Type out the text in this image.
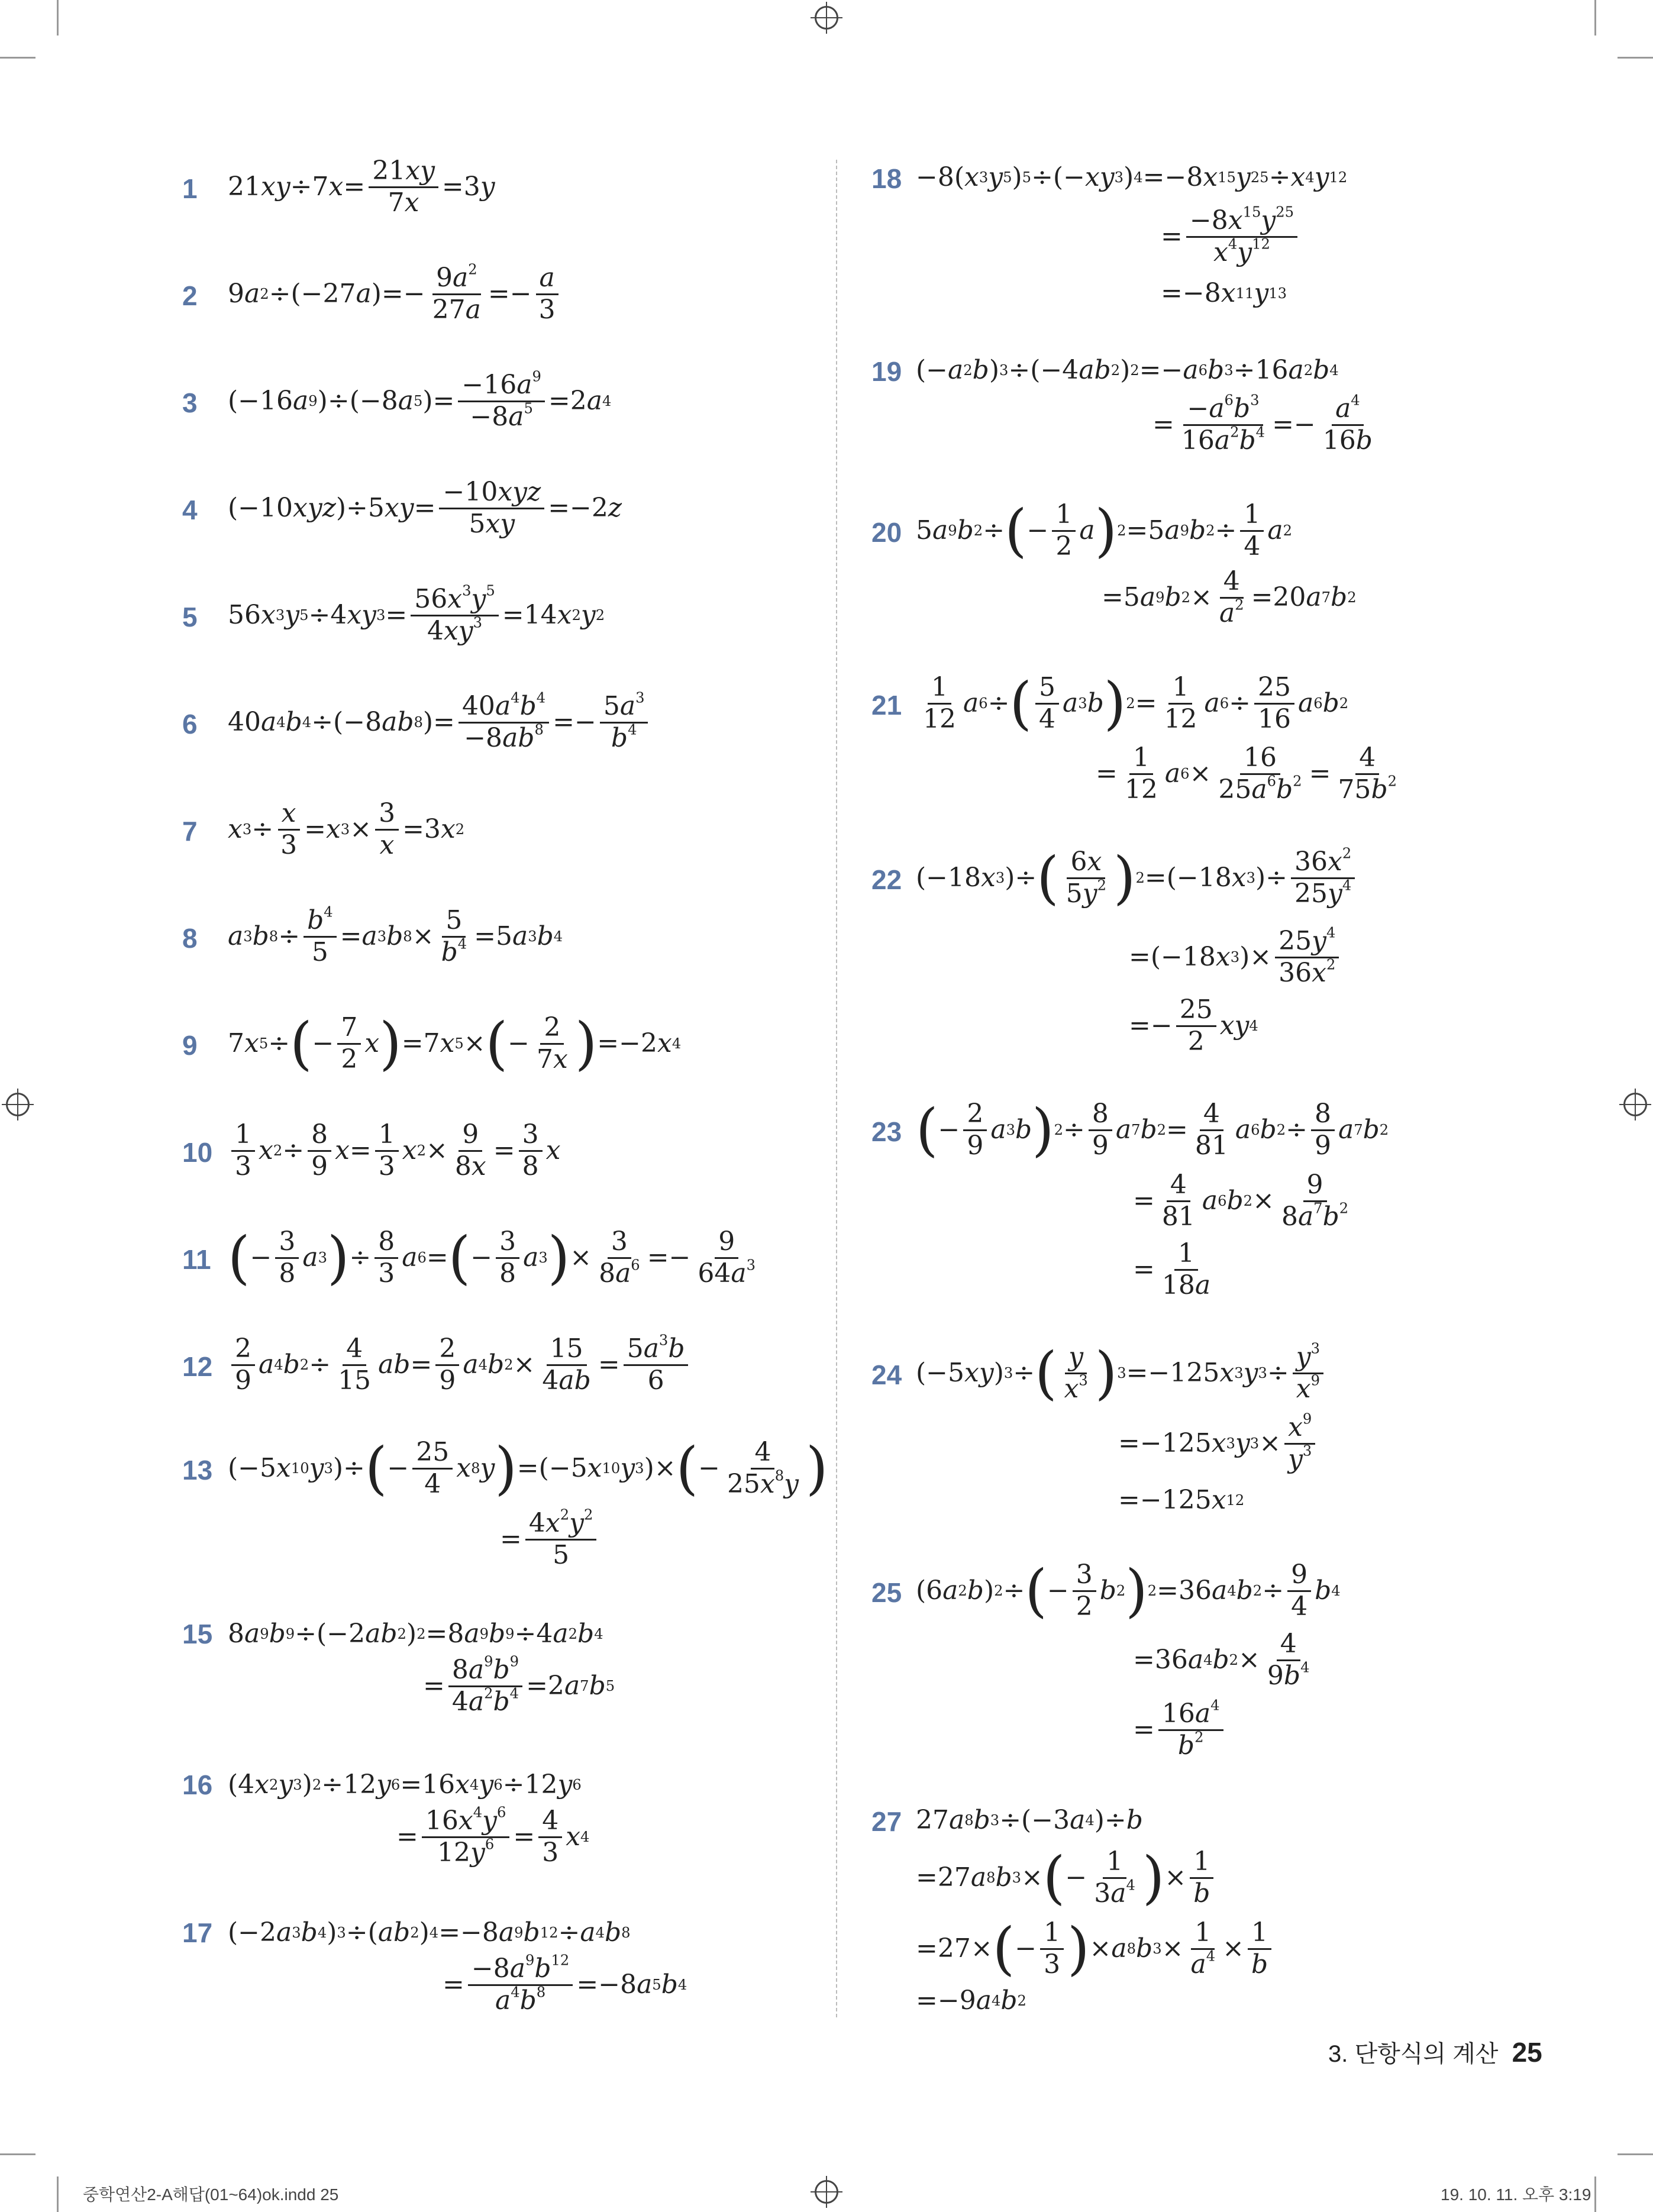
1 21 xy ÷7 $x = \frac{21xy}{7x} =3$ y
2 9 a 2 ÷(−27 a )=− $\frac{9a^2}{27a} =- \frac{a}{3}$
3 (−16 a 9 )÷(−8 a 5 )= $\frac{-16a^9}{-8a^5} =2$ a 4
4 (−10 xyz )÷5 xy = $\frac{\text{−10xyz}}{5xy} =-2$ z
5 56 x 3 y 5 ÷4 xy $3 = \frac{56x^3y^5}{4xy^3} =14$ x 2 y 2
6 40 a 4 b 4 ÷(−8 ab 8 )= $\frac{40a^4b^4}{-8ab^8} =- \frac{5a^3}{b^4}$
7 x $3 \div \frac{x}{3} = x$ $3 \times \frac{3}{x} =3$ x 2
8 a 3 b $8 \div \frac{b^4}{5} = a$ 3 b $8 \times \frac{5}{b^4} =5$ a 3 b 4
9 7 x 5 ÷ ( − $\frac{7}{2}$ x ) =7 x 5 × ( − $\frac{2}{7x}$ ) =−2 x 4
$10 \frac{1}{3}$ x $2 \div \frac{8}{9}$ $x = \frac{1}{3}$ x $2 \times \frac{9}{8x} = \frac{3}{8}$ x
11 ( − $\frac{3}{8}$ a 3 ) ÷ $\frac{8}{3}$ a 6 = ( − $\frac{3}{8}$ a 3 ) × $\frac{3}{8a^6} =- \frac{9}{64a^3}$
$12 \frac{2}{9}$ a 4 b $2 \div \frac{4}{15}$ ab = $\frac{2}{9}$ a 4 b $2 \times \frac{15}{4ab} = \frac{5a^3b}{6}$
13 (−5 x 10 y 3 )÷ ( − $\frac{25}{4}$ x 8 y ) =(−5 x 10 y 3 )× ( − $\frac{4}{25x^8y}$ )
= $\frac{4x^2y^2}{5}$
15 8 a 9 b 9 ÷(−2 ab 2 ) 2 =8 a 9 b 9 ÷4 a 2 b 4
= $\frac{8a^9b^9}{4a^2b^4} =2$ a 7 b 5
16 (4 x 2 y 3 ) 2 ÷12 y 6 =16 x 4 y 6 ÷12 y 6
= $\frac{16x^4y^6}{12y^6} = \frac{4}{3}$ x 4
17 (−2 a 3 b 4 ) 3 ÷( ab 2 ) 4 =−8 a 9 b 12 ÷ a 4 b 8
= $\frac{-8a^9b^{12}}{a^4b^8} =-8$ a 5 b 4
18 −8( x 3 y 5 ) 5 ÷(− xy 3 ) 4 =−8 x 15 y 25 ÷ x 4 y 12
= $\frac{-8x^{15}y^{25}}{x^4y^{12}}$
=−8 x 11 y 13
19 (− a 2 b ) 3 ÷(−4 ab 2 ) 2 =− a 6 b 3 ÷16 a 2 b 4
= $\frac{-a^6b^3}{16a^2b^4} =- \frac{a^4}{16b}$
20 5 a 9 b 2 ÷ ( − $\frac{1}{2}$ a ) 2 =5 a 9 b $2 \div \frac{1}{4}$ a 2
=5 a 9 b $2 \times \frac{4}{a^2} =20$ a 7 b 2
$21 \frac{1}{12}$ a 6 ÷ ( $\frac{5}{4}$ a 3 b ) $2 = \frac{1}{12}$ a $6 \div \frac{25}{16}$ a 6 b 2
= $\frac{1}{12}$ a $6 \times \frac{16}{25a^6b^2} = \frac{4}{75b^2}$
22 (−18 x 3 )÷ ( $\frac{6x}{5y^2}$ ) 2 =(−18 x 3 )÷ $\frac{36x^2}{25y^4}$
=(−18 x 3 )× $\frac{25y^4}{36x^2}$
=− $\frac{25}{2}$ xy 4
23 ( − $\frac{2}{9}$ a 3 b ) $2 \div \frac{8}{9}$ a 7 b $2 = \frac{4}{81}$ a 6 b $2 \div \frac{8}{9}$ a 7 b 2
= $\frac{4}{81}$ a 6 b $2 \times \frac{9}{8a^7b^2}$
= $\frac{1}{18a}$
24 (−5 xy ) 3 ÷ ( $\frac{y}{x^3}$ ) 3 =−125 x 3 y $3 \div \frac{y^3}{x^9}$
=−125 x 3 y $3 \times \frac{x^9}{y^3}$
=−125 x 12
25 (6 a 2 b ) 2 ÷ ( − $\frac{3}{2}$ b 2 ) 2 =36 a 4 b $2 \div \frac{9}{4}$ b 4
=36 a 4 b $2 \times \frac{4}{9b^4}$
= $\frac{16a^4}{b^2}$
27 27 a 8 b 3 ÷(−3 a 4 )÷ b
=27 a 8 b 3 × ( − $\frac{1}{3a^4}$ ) × $\frac{1}{b}$
=27× ( − $\frac{1}{3}$ ) × a 8 b $3 \times \frac{1}{a^4} \times \frac{1}{b}$
=−9 a 4 b 2
3. 단항식의 계산 25
중학연산2-A해답(01~64)ok.indd 25	19. 10. 11. 오후 3:19
